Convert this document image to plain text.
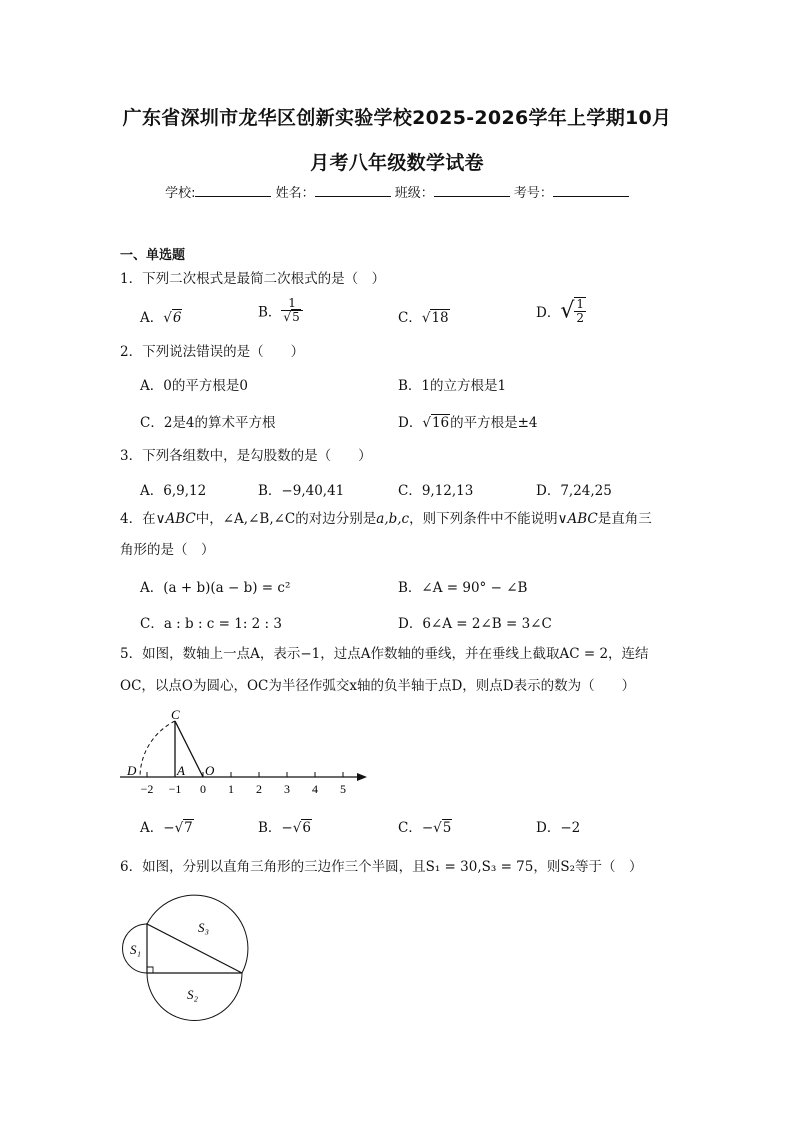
广东省深圳市龙华区创新实验学校2025-2026学年上学期10月
月考八年级数学试卷
学校:	姓名：	班级：	考号：
一、单选题
1．下列二次根式是最简二次根式的是（　）
A．√6	B． $\frac{1}{√5}$	C．√18	D．√ $\frac{1}{2}$
2．下列说法错误的是（　　）
A．0的平方根是0	B．1的立方根是1
C．2是4的算术平方根	D．√16的平方根是±4
3．下列各组数中，是勾股数的是（　　）
A．6,9,12	B．−9,40,41	C．9,12,13	D．7,24,25
4．在∨ABC中，∠A,∠B,∠C的对边分别是a,b,c，则下列条件中不能说明∨ABC是直角三
角形的是（　）
A．(a + b)(a − b) = c²	B．∠A = 90° − ∠B
C．a : b : c = 1: 2 : 3	D．6∠A = 2∠B = 3∠C
5．如图，数轴上一点A，表示−1，过点A作数轴的垂线，并在垂线上截取AC = 2，连结
OC，以点O为圆心，OC为半径作弧交x轴的负半轴于点D，则点D表示的数为（　　）
C
D	A O
−2 −1 0 1 2 3 4 5
A．−√7	B．−√6	C．−√5	D．−2
6．如图，分别以直角三角形的三边作三个半圆，且S₁ = 30,S₃ = 75，则S₂等于（　）
S₁
S₂
S₃
